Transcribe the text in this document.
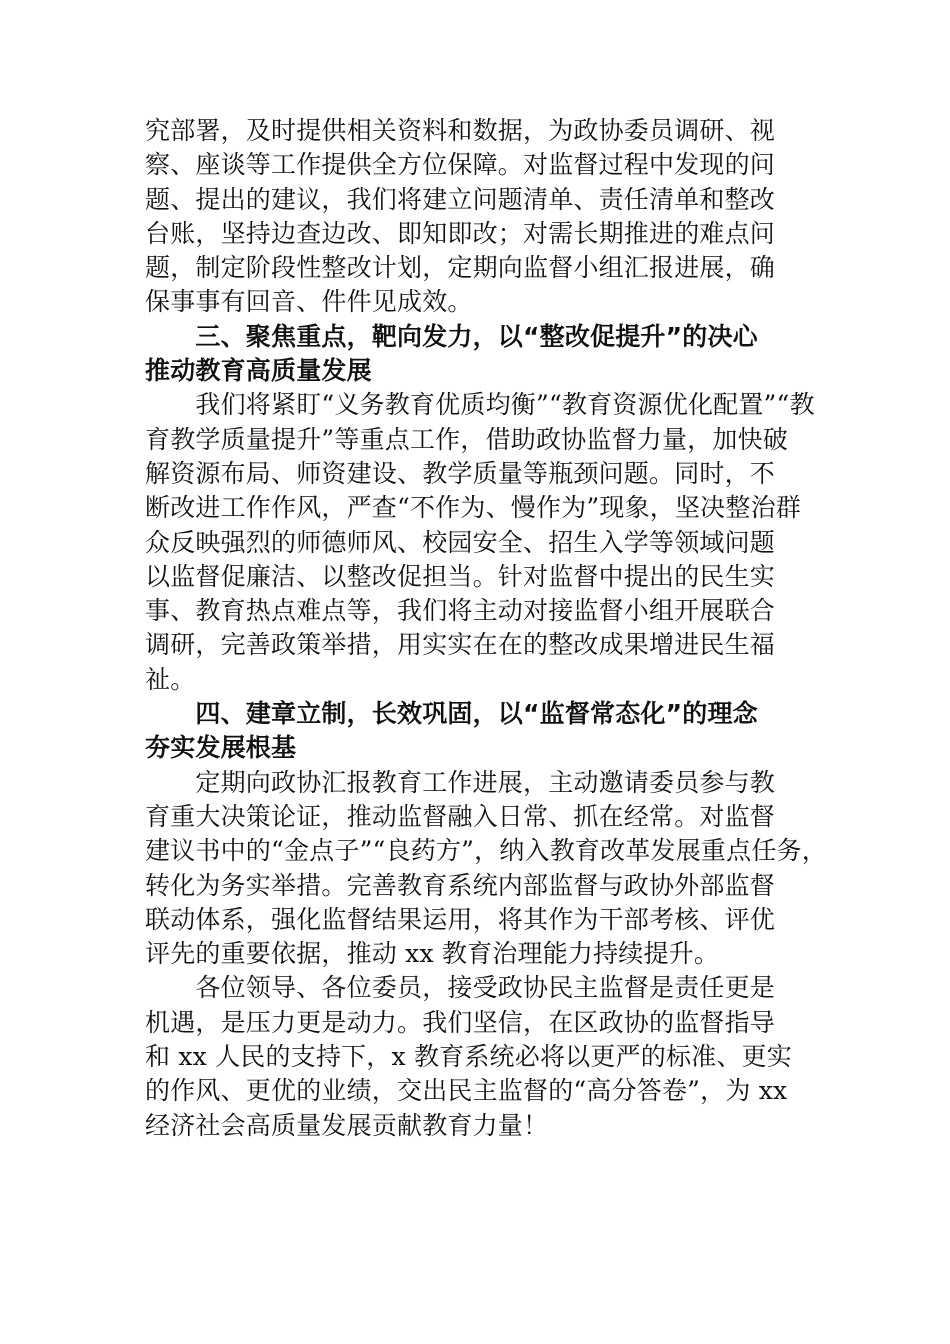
究部署，及时提供相关资料和数据，为政协委员调研、视
察、座谈等工作提供全方位保障。对监督过程中发现的问
题、提出的建议，我们将建立问题清单、责任清单和整改
台账，坚持边查边改、即知即改；对需长期推进的难点问
题，制定阶段性整改计划，定期向监督小组汇报进展，确
保事事有回音、件件见成效。
　　三、聚焦重点，靶向发力，以“整改促提升”的决心
推动教育高质量发展
　　我们将紧盯“义务教育优质均衡”“教育资源优化配置”“教
育教学质量提升”等重点工作，借助政协监督力量，加快破
解资源布局、师资建设、教学质量等瓶颈问题。同时，不
断改进工作作风，严查“不作为、慢作为”现象，坚决整治群
众反映强烈的师德师风、校园安全、招生入学等领域问题
以监督促廉洁、以整改促担当。针对监督中提出的民生实
事、教育热点难点等，我们将主动对接监督小组开展联合
调研，完善政策举措，用实实在在的整改成果增进民生福
祉。
　　四、建章立制，长效巩固，以“监督常态化”的理念
夯实发展根基
　　定期向政协汇报教育工作进展，主动邀请委员参与教
育重大决策论证，推动监督融入日常、抓在经常。对监督
建议书中的“金点子”“良药方”，纳入教育改革发展重点任务，
转化为务实举措。完善教育系统内部监督与政协外部监督
联动体系，强化监督结果运用，将其作为干部考核、评优
评先的重要依据，推动 xx 教育治理能力持续提升。
　　各位领导、各位委员，接受政协民主监督是责任更是
机遇，是压力更是动力。我们坚信，在区政协的监督指导
和 xx 人民的支持下，x 教育系统必将以更严的标准、更实
的作风、更优的业绩，交出民主监督的“高分答卷”，为 xx
经济社会高质量发展贡献教育力量！
